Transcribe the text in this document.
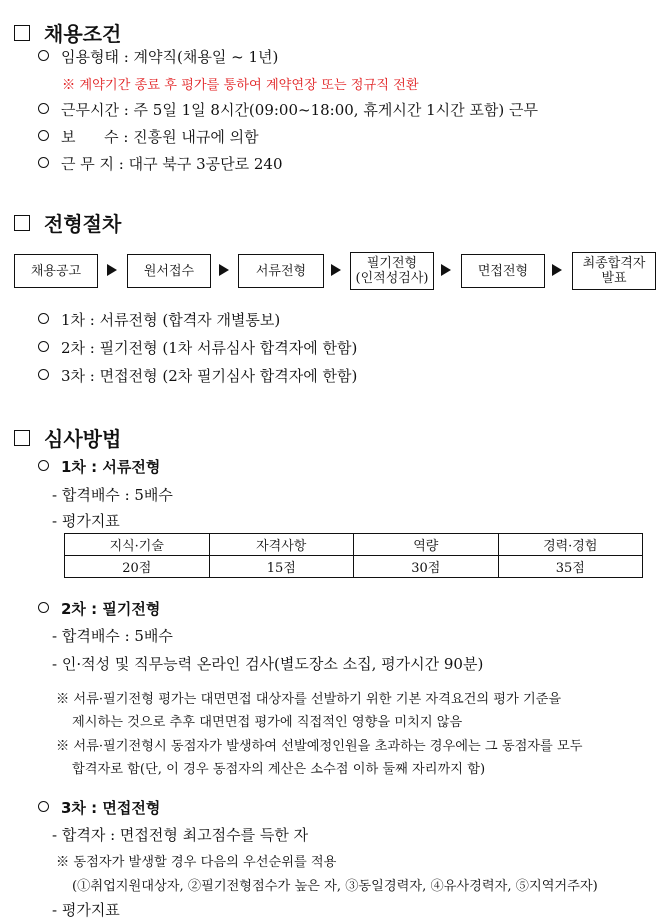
채용조건
임용형태 : 계약직(채용일 ~ 1년)
※ 계약기간 종료 후 평가를 통하여 계약연장 또는 정규직 전환
근무시간 : 주 5일 1일 8시간(09:00~18:00, 휴게시간 1시간 포함) 근무
보      수 : 진흥원 내규에 의함
근 무 지 : 대구 북구 3공단로 240
전형절차
채용공고	원서접수	서류전형	필기전형
(인적성검사)	면접전형	최종합격자
발표
1차 : 서류전형 (합격자 개별통보)
2차 : 필기전형 (1차 서류심사 합격자에 한함)
3차 : 면접전형 (2차 필기심사 합격자에 한함)
심사방법
1차 : 서류전형
- 합격배수 : 5배수
- 평가지표
지식·기술	자격사항	역량	경력·경험
20점	15점	30점	35점
2차 : 필기전형
- 합격배수 : 5배수
- 인·적성 및 직무능력 온라인 검사(별도장소 소집, 평가시간 90분)
※ 서류·필기전형 평가는 대면면접 대상자를 선발하기 위한 기본 자격요건의 평가 기준을
제시하는 것으로 추후 대면면접 평가에 직접적인 영향을 미치지 않음
※ 서류·필기전형시 동점자가 발생하여 선발예정인원을 초과하는 경우에는 그 동점자를 모두
합격자로 함(단, 이 경우 동점자의 계산은 소수점 이하 둘째 자리까지 함)
3차 : 면접전형
- 합격자 : 면접전형 최고점수를 득한 자
※ 동점자가 발생할 경우 다음의 우선순위를 적용
(①취업지원대상자, ②필기전형점수가 높은 자, ③동일경력자, ④유사경력자, ⑤지역거주자)
- 평가지표
